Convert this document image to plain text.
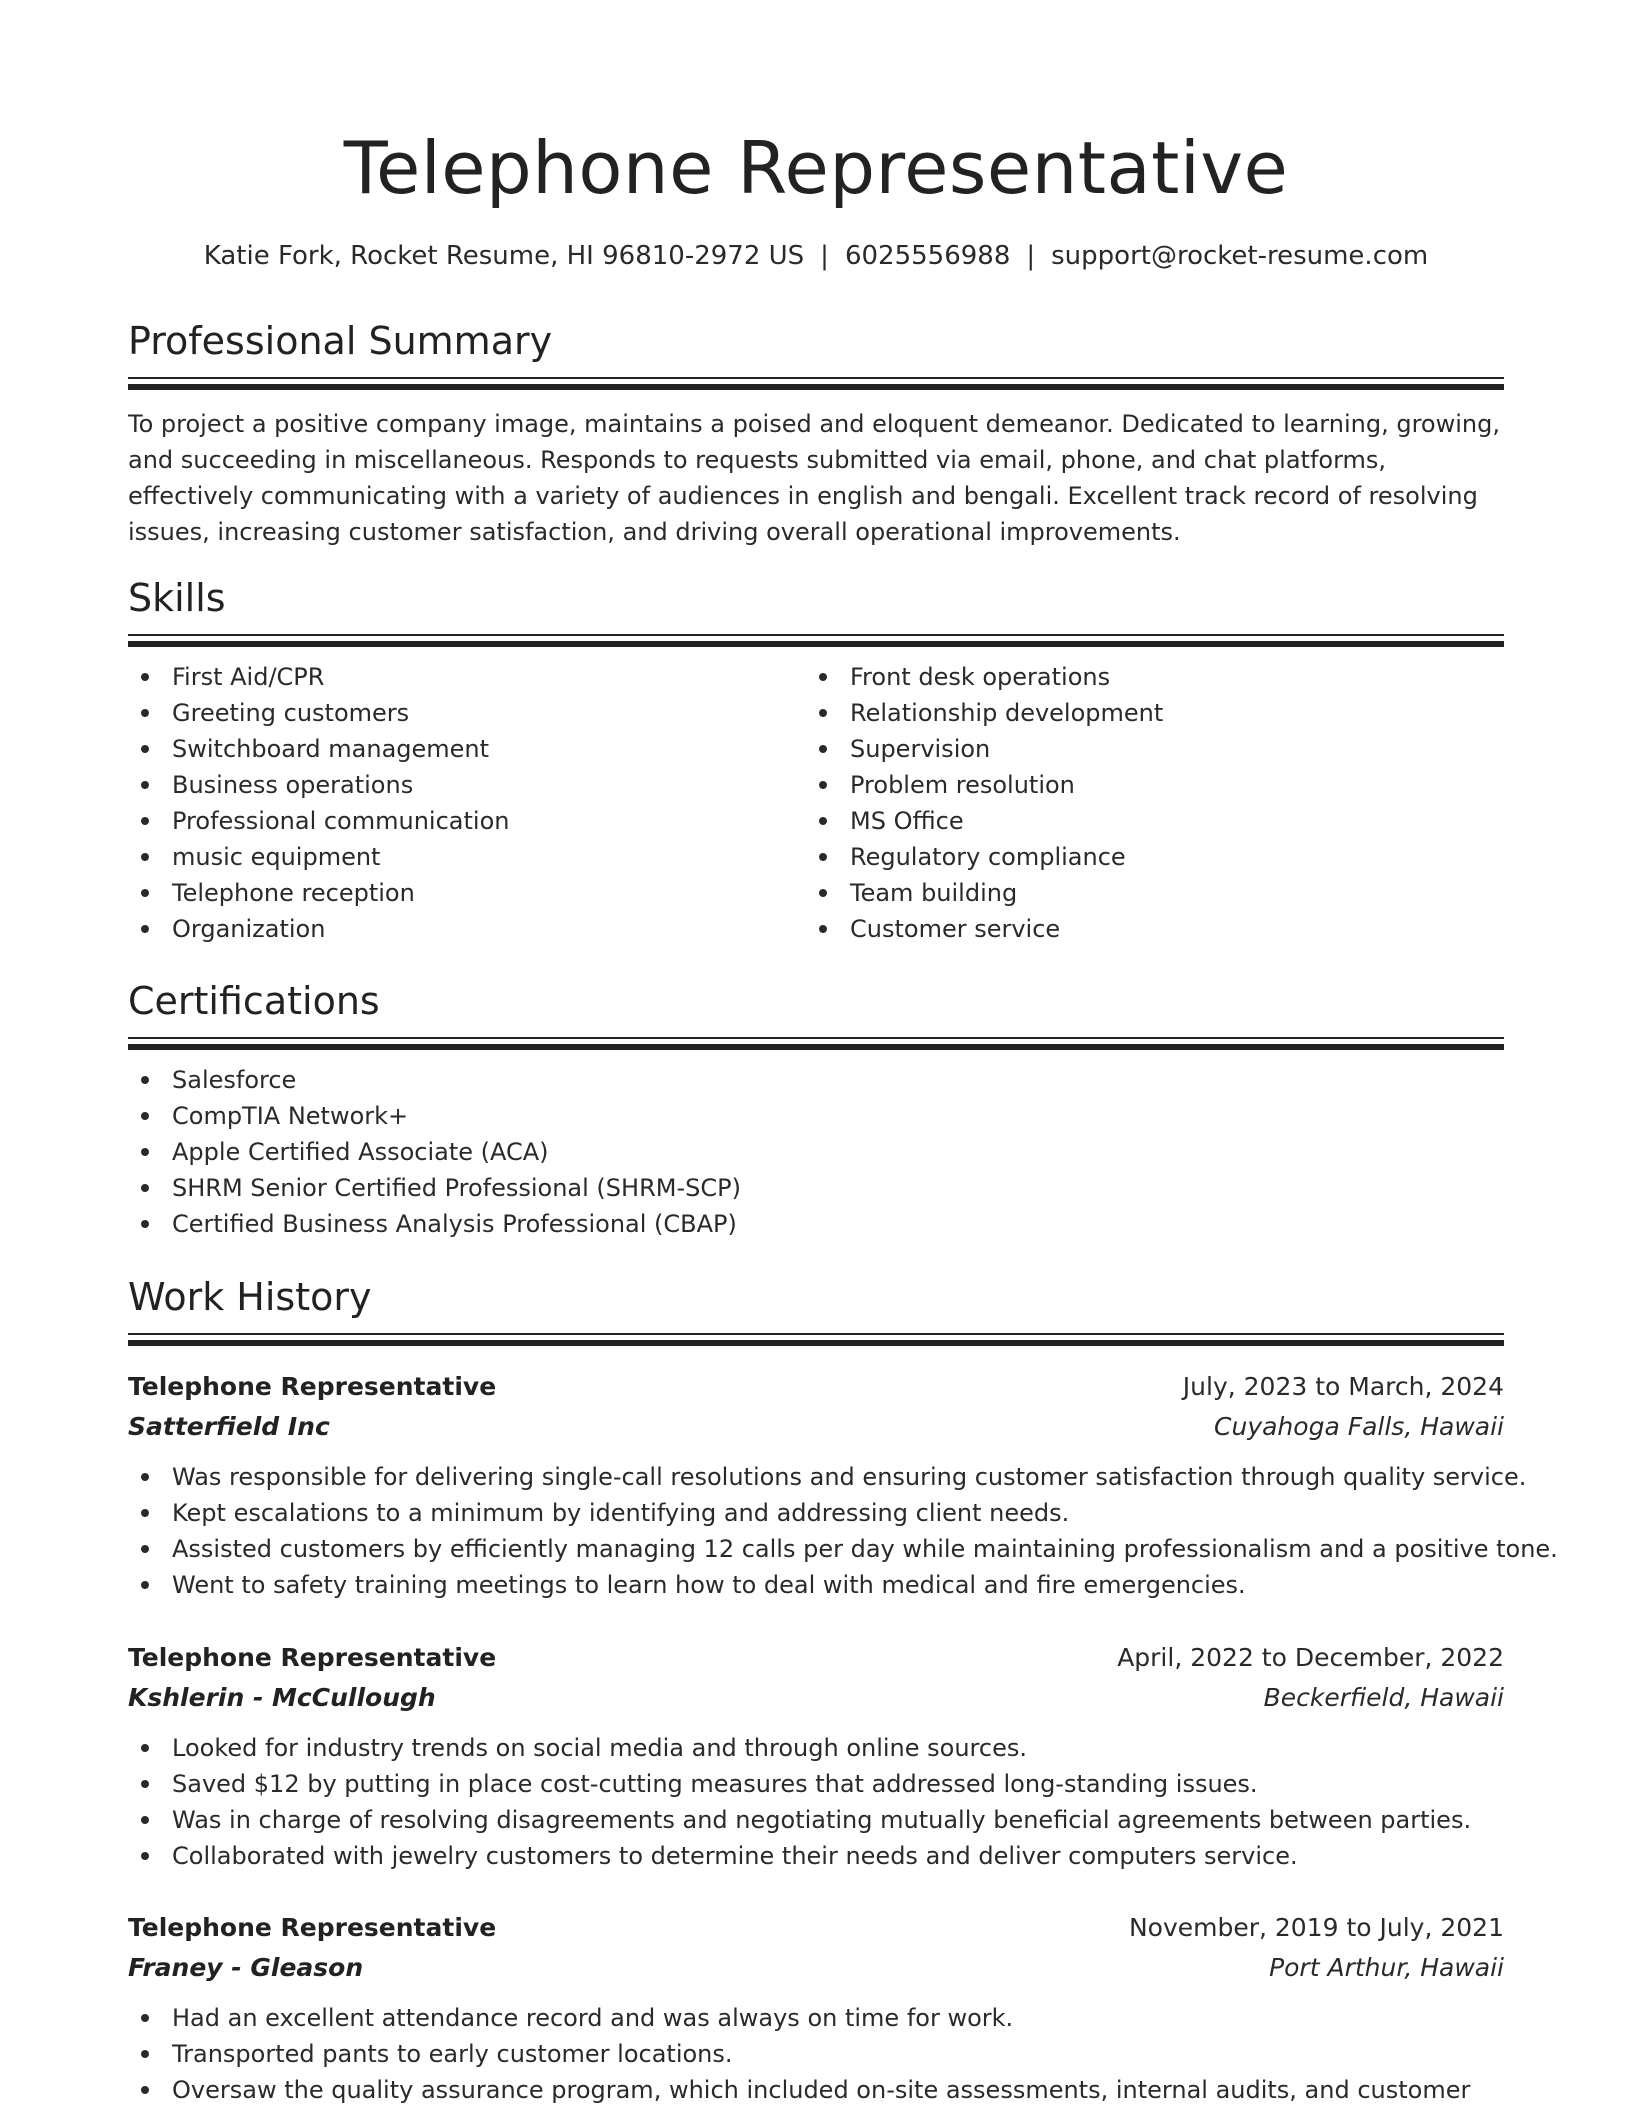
Telephone Representative
Katie Fork, Rocket Resume, HI 96810-2972 US | 6025556988 | support@rocket-resume.com
Professional Summary

To project a positive company image, maintains a poised and eloquent demeanor. Dedicated to learning, growing, and succeeding in miscellaneous. Responds to requests submitted via email, phone, and chat platforms, effectively communicating with a variety of audiences in english and bengali. Excellent track record of resolving issues, increasing customer satisfaction, and driving overall operational improvements.

Skills
First Aid/CPR
Greeting customers
Switchboard management
Business operations
Professional communication
music equipment
Telephone reception
Organization
Front desk operations
Relationship development
Supervision
Problem resolution
MS Office
Regulatory compliance
Team building
Customer service
Certifications
Salesforce
CompTIA Network+
Apple Certified Associate (ACA)
SHRM Senior Certified Professional (SHRM-SCP)
Certified Business Analysis Professional (CBAP)
Work History
Telephone Representative	July, 2023 to March, 2024
Satterfield Inc	Cuyahoga Falls, Hawaii
Was responsible for delivering single-call resolutions and ensuring customer satisfaction through quality service.
Kept escalations to a minimum by identifying and addressing client needs.
Assisted customers by efficiently managing 12 calls per day while maintaining professionalism and a positive tone.
Went to safety training meetings to learn how to deal with medical and fire emergencies.
Telephone Representative	April, 2022 to December, 2022
Kshlerin - McCullough	Beckerfield, Hawaii
Looked for industry trends on social media and through online sources.
Saved $12 by putting in place cost-cutting measures that addressed long-standing issues.
Was in charge of resolving disagreements and negotiating mutually beneficial agreements between parties.
Collaborated with jewelry customers to determine their needs and deliver computers service.
Telephone Representative	November, 2019 to July, 2021
Franey - Gleason	Port Arthur, Hawaii
Had an excellent attendance record and was always on time for work.
Transported pants to early customer locations.
Oversaw the quality assurance program, which included on-site assessments, internal audits, and customer
